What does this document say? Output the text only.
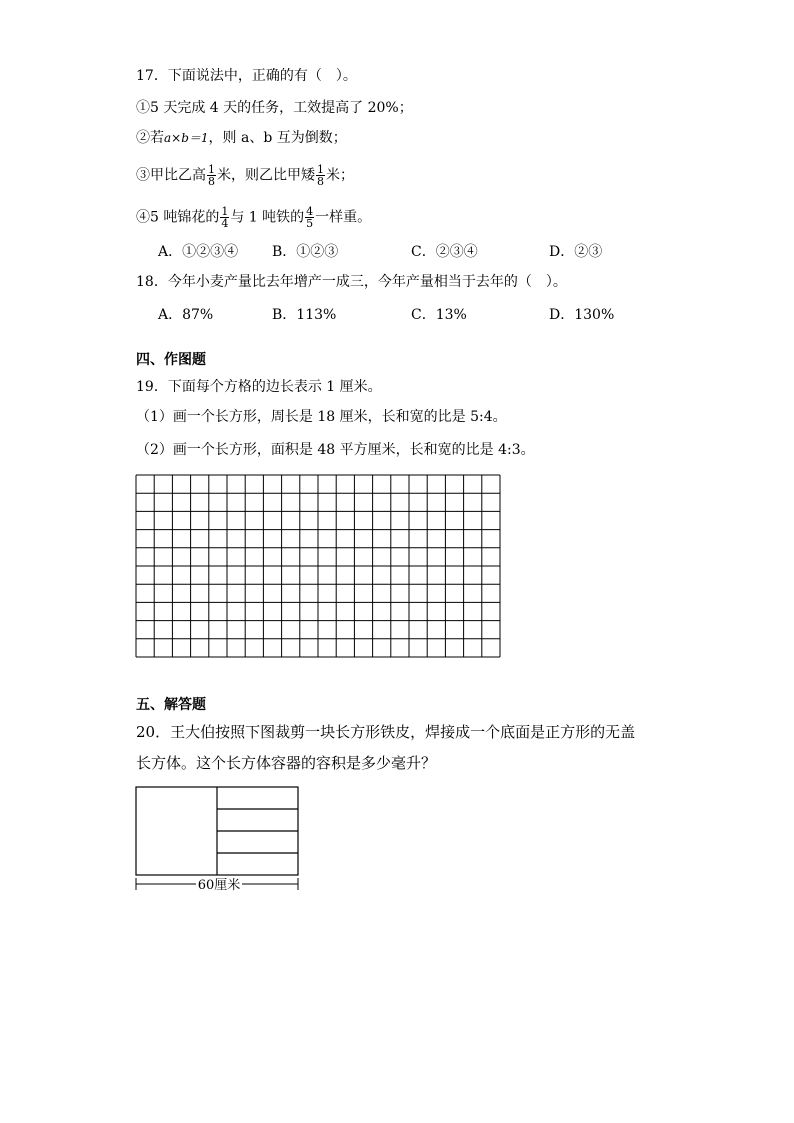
17．下面说法中，正确的有（　）。
①5 天完成 4 天的任务，工效提高了 20%；
②若a×b＝1，则 a、b 互为倒数；
③甲比乙高 $\frac{1}{8}$ 米，则乙比甲矮 $\frac{1}{8}$ 米；
④5 吨锦花的 $\frac{1}{4}$ 与 1 吨铁的 $\frac{4}{5}$ 一样重。
A．①②③④ B．①②③	C．②③④	D．②③
18．今年小麦产量比去年增产一成三，今年产量相当于去年的（　）。
A．87%	B．113%	C．13%	D．130%
四、作图题
19．下面每个方格的边长表示 1 厘米。
（1）画一个长方形，周长是 18 厘米，长和宽的比是 5:4。
（2）画一个长方形，面积是 48 平方厘米，长和宽的比是 4:3。
五、解答题
20．王大伯按照下图裁剪一块长方形铁皮，焊接成一个底面是正方形的无盖
长方体。这个长方体容器的容积是多少毫升？
60厘米
